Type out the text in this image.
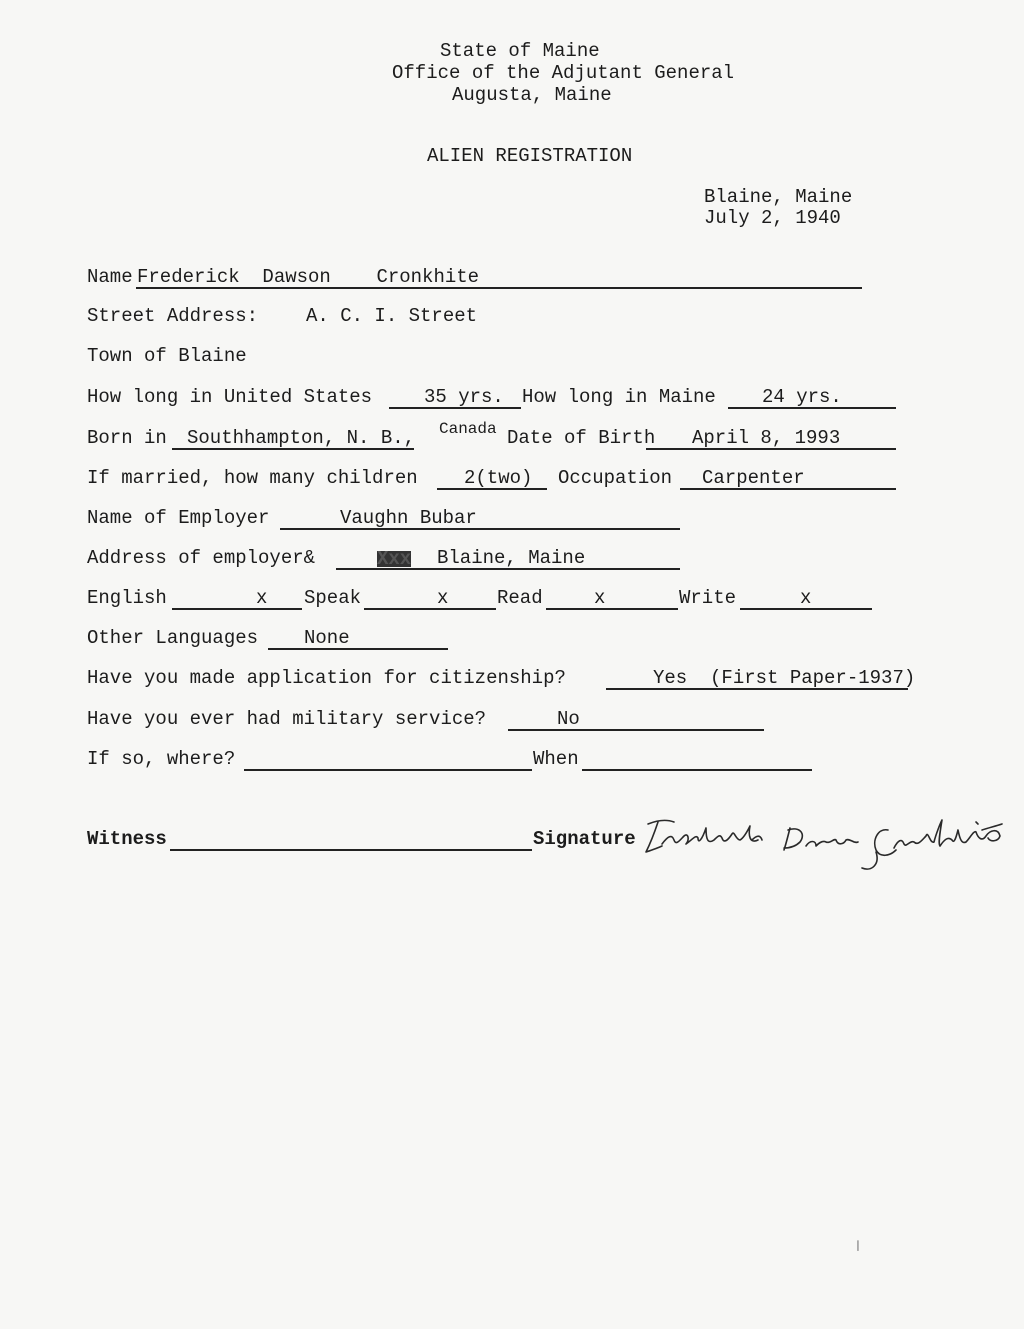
State of Maine
Office of the Adjutant General
Augusta, Maine
ALIEN REGISTRATION
Blaine, Maine
July 2, 1940
Name Frederick  Dawson    Cronkhite
Street Address:	A. C. I. Street
Town of Blaine
How long in United States	35 yrs. How long in Maine 24 yrs.
Born in Southhampton, N. B., Canada Date of Birth April 8, 1993
If married, how many children 2(two) Occupation Carpenter
Name of Employer	Vaughn Bubar
Address of employer&	Xxx Blaine, Maine
English	x Speak	x	Read	x	Write	x
Other Languages None
Have you made application for citizenship?	Yes  (First Paper-1937)
Have you ever had military service?	No
If so, where?	When
Witness	Signature
ꞁ
